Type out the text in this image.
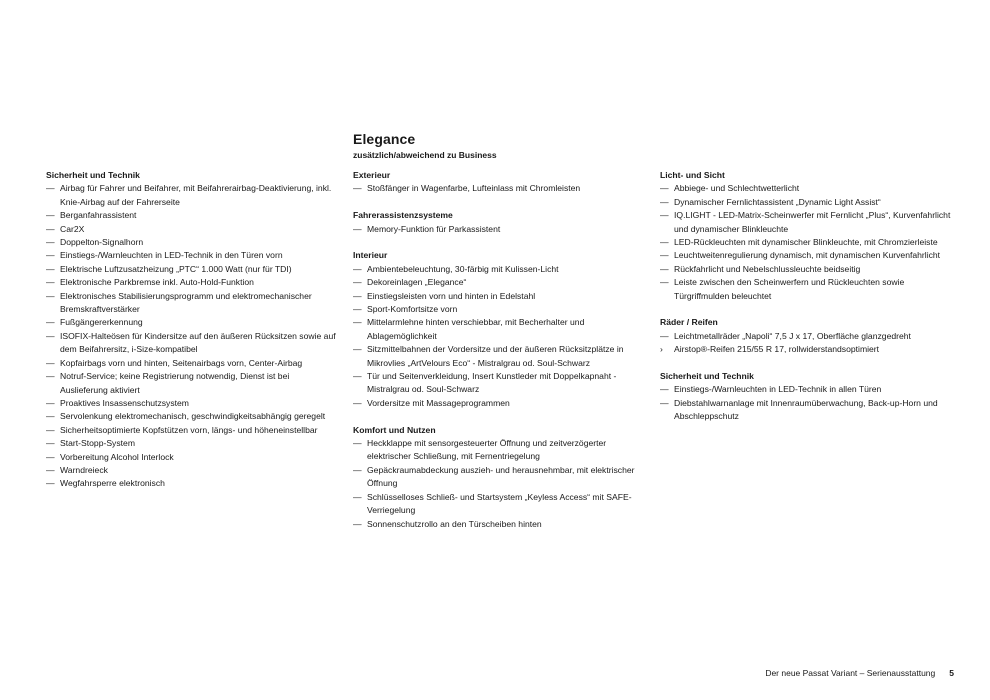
Elegance
zusätzlich/abweichend zu Business
Sicherheit und Technik
— Airbag für Fahrer und Beifahrer, mit Beifahrerairbag-Deaktivierung, inkl. Knie-Airbag auf der Fahrerseite
— Berganfahrassistent
— Car2X
— Doppelton-Signalhorn
— Einstiegs-/Warnleuchten in LED-Technik in den Türen vorn
— Elektrische Luftzusatzheizung „PTC“ 1.000 Watt (nur für TDI)
— Elektronische Parkbremse inkl. Auto-Hold-Funktion
— Elektronisches Stabilisierungsprogramm und elektromechanischer Bremskraftverstärker
— Fußgängererkennung
— ISOFIX-Halteösen für Kindersitze auf den äußeren Rücksitzen sowie auf dem Beifahrersitz, i-Size-kompatibel
— Kopfairbags vorn und hinten, Seitenairbags vorn, Center-Airbag
— Notruf-Service; keine Registrierung notwendig, Dienst ist bei Auslieferung aktiviert
— Proaktives Insassenschutzsystem
— Servolenkung elektromechanisch, geschwindigkeitsabhängig geregelt
— Sicherheitsoptimierte Kopfstützen vorn, längs- und höheneinstellbar
— Start-Stopp-System
— Vorbereitung Alcohol Interlock
— Warndreieck
— Wegfahrsperre elektronisch
Exterieur
— Stoßfänger in Wagenfarbe, Lufteinlass mit Chromleisten
Fahrerassistenzsysteme
— Memory-Funktion für Parkassistent
Interieur
— Ambientebeleuchtung, 30-färbig mit Kulissen-Licht
— Dekoreinlagen „Elegance“
— Einstiegsleisten vorn und hinten in Edelstahl
— Sport-Komfortsitze vorn
— Mittelarmlehne hinten verschiebbar, mit Becherhalter und Ablagemöglichkeit
— Sitzmittelbahnen der Vordersitze und der äußeren Rücksitzplätze in Mikrovlies „ArtVelours Eco“ - Mistralgrau od. Soul-Schwarz
— Tür und Seitenverkleidung, Insert Kunstleder mit Doppelkapnaht - Mistralgrau od. Soul-Schwarz
— Vordersitze mit Massageprogrammen
Komfort und Nutzen
— Heckklappe mit sensorgesteuerter Öffnung und zeitverzögerter elektrischer Schließung, mit Fernentriegelung
— Gepäckraumabdeckung auszieh- und herausnehmbar, mit elektrischer Öffnung
— Schlüsselloses Schließ- und Startsystem „Keyless Access“ mit SAFE-Verriegelung
— Sonnenschutzrollo an den Türscheiben hinten
Licht- und Sicht
— Abbiege- und Schlechtwetterlicht
— Dynamischer Fernlichtassistent „Dynamic Light Assist“
— IQ.LIGHT - LED-Matrix-Scheinwerfer mit Fernlicht „Plus“, Kurvenfahrlicht und dynamischer Blinkleuchte
— LED-Rückleuchten mit dynamischer Blinkleuchte, mit Chromzierleiste
— Leuchtweitenregulierung dynamisch, mit dynamischen Kurvenfahrlicht
— Rückfahrlicht und Nebelschlussleuchte beidseitig
— Leiste zwischen den Scheinwerfern und Rückleuchten sowie Türgriffmulden beleuchtet
Räder / Reifen
— Leichtmetallräder „Napoli“ 7,5 J x 17, Oberfläche glanzgedreht
› Airstop®-Reifen 215/55 R 17, rollwiderstandsoptimiert
Sicherheit und Technik
— Einstiegs-/Warnleuchten in LED-Technik in allen Türen
— Diebstahlwarnanlage mit Innenraumüberwachung, Back-up-Horn und Abschleppschutz
Der neue Passat Variant – Serienausstattung 5
